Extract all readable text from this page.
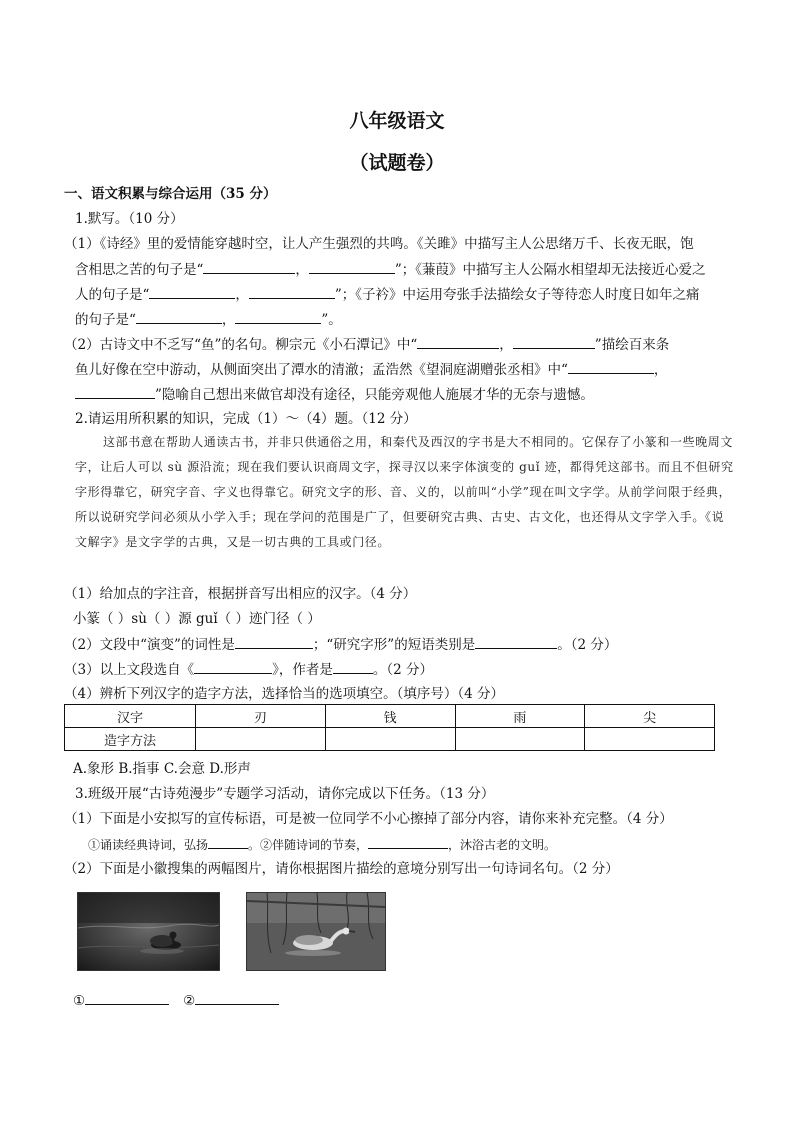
八年级语文
（试题卷）
一、语文积累与综合运用（35 分）
1.默写。（10 分）
（1）《诗经》里的爱情能穿越时空，让人产生强烈的共鸣。《关雎》中描写主人公思绪万千、长夜无眠，饱
含相思之苦的句子是“	，	”；《蒹葭》中描写主人公隔水相望却无法接近心爱之
人的句子是“	，	”；《子衿》中运用夸张手法描绘女子等待恋人时度日如年之痛
的句子是“	，	”。
（2）古诗文中不乏写“鱼”的名句。柳宗元《小石潭记》中“	，	”描绘百来条
鱼儿好像在空中游动，从侧面突出了潭水的清澈；孟浩然《望洞庭湖赠张丞相》中“	，
”隐喻自己想出来做官却没有途径，只能旁观他人施展才华的无奈与遗憾。
2.请运用所积累的知识，完成（1）～（4）题。（12 分）
这部书意在帮助人通读古书，并非只供通俗之用，和秦代及西汉的字书是大不相同的。它保存了小篆和一些晚周文字，让后人可以 sù 源沿流；现在我们要认识商周文字，探寻汉以来字体演变的 guǐ 迹，都得凭这部书。而且不但研究字形得靠它，研究字音、字义也得靠它。研究文字的形、音、义的，以前叫“小学”现在叫文字学。从前学问限于经典，所以说研究学问必须从小学入手；现在学问的范围是广了，但要研究古典、古史、古文化，也还得从文字学入手。《说文解字》是文字学的古典，又是一切古典的工具或门径。
（1）给加点的字注音，根据拼音写出相应的汉字。（4 分）
小篆（ ）sù（ ）源 guǐ（ ）迹门径（ ）
（2）文段中“演变”的词性是	；“研究字形”的短语类别是	。（2 分）
（3）以上文段选自《	》，作者是	。（2 分）
（4）辨析下列汉字的造字方法，选择恰当的选项填空。（填序号）（4 分）
汉字	刃	钱	雨	尖
造字方法				
A.象形 B.指事 C.会意 D.形声
3.班级开展“古诗苑漫步”专题学习活动，请你完成以下任务。（13 分）
（1）下面是小安拟写的宣传标语，可是被一位同学不小心擦掉了部分内容，请你来补充完整。（4 分）
①诵读经典诗词，弘扬	。②伴随诗词的节奏，	，沐浴古老的文明。
（2）下面是小徽搜集的两幅图片，请你根据图片描绘的意境分别写出一句诗词名句。（2 分）
①	②
